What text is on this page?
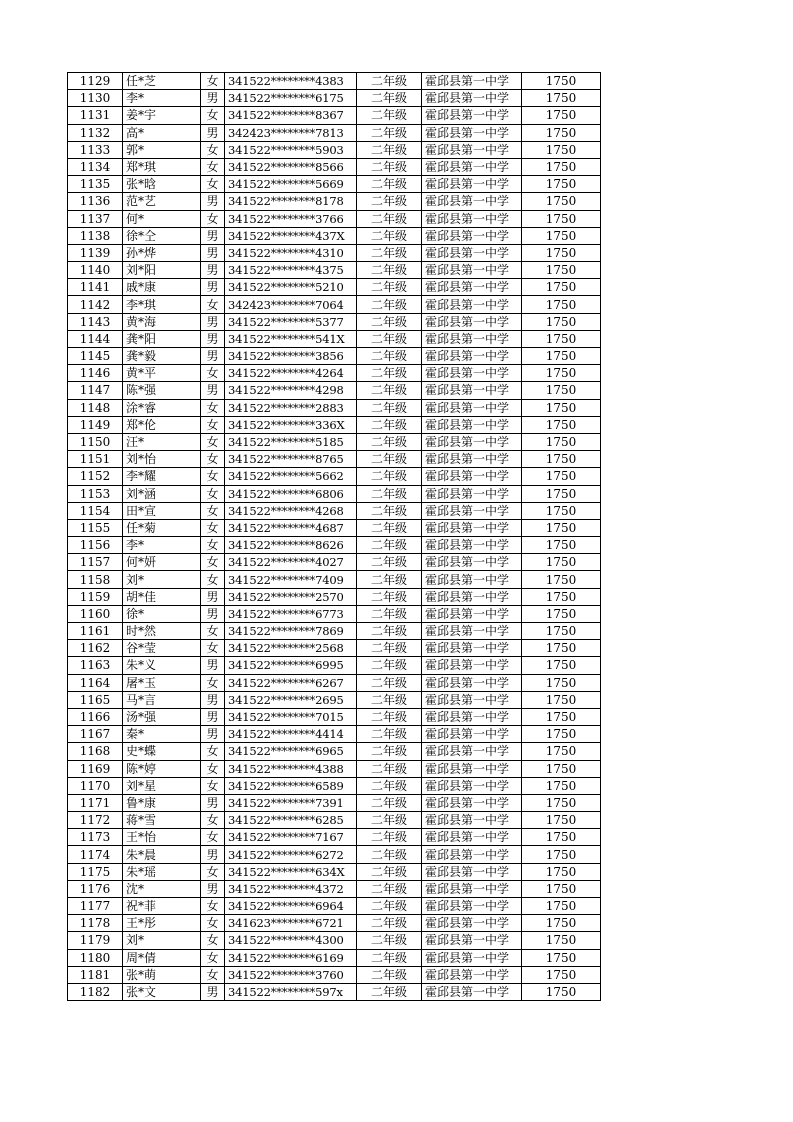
1129	任*芝	女	341522********4383	二年级	霍邱县第一中学	1750
1130	李*	男	341522********6175	二年级	霍邱县第一中学	1750
1131	姜*宇	女	341522********8367	二年级	霍邱县第一中学	1750
1132	高*	男	342423********7813	二年级	霍邱县第一中学	1750
1133	郭*	女	341522********5903	二年级	霍邱县第一中学	1750
1134	郑*琪	女	341522********8566	二年级	霍邱县第一中学	1750
1135	张*晗	女	341522********5669	二年级	霍邱县第一中学	1750
1136	范*艺	男	341522********8178	二年级	霍邱县第一中学	1750
1137	何*	女	341522********3766	二年级	霍邱县第一中学	1750
1138	徐*仝	男	341522********437X	二年级	霍邱县第一中学	1750
1139	孙*烨	男	341522********4310	二年级	霍邱县第一中学	1750
1140	刘*阳	男	341522********4375	二年级	霍邱县第一中学	1750
1141	戚*康	男	341522********5210	二年级	霍邱县第一中学	1750
1142	李*琪	女	342423********7064	二年级	霍邱县第一中学	1750
1143	黄*海	男	341522********5377	二年级	霍邱县第一中学	1750
1144	龚*阳	男	341522********541X	二年级	霍邱县第一中学	1750
1145	龚*毅	男	341522********3856	二年级	霍邱县第一中学	1750
1146	黄*平	女	341522********4264	二年级	霍邱县第一中学	1750
1147	陈*强	男	341522********4298	二年级	霍邱县第一中学	1750
1148	涂*睿	女	341522********2883	二年级	霍邱县第一中学	1750
1149	郑*伦	女	341522********336X	二年级	霍邱县第一中学	1750
1150	汪*	女	341522********5185	二年级	霍邱县第一中学	1750
1151	刘*怡	女	341522********8765	二年级	霍邱县第一中学	1750
1152	李*耀	女	341522********5662	二年级	霍邱县第一中学	1750
1153	刘*涵	女	341522********6806	二年级	霍邱县第一中学	1750
1154	田*宣	女	341522********4268	二年级	霍邱县第一中学	1750
1155	任*菊	女	341522********4687	二年级	霍邱县第一中学	1750
1156	李*	女	341522********8626	二年级	霍邱县第一中学	1750
1157	何*妍	女	341522********4027	二年级	霍邱县第一中学	1750
1158	刘*	女	341522********7409	二年级	霍邱县第一中学	1750
1159	胡*佳	男	341522********2570	二年级	霍邱县第一中学	1750
1160	徐*	男	341522********6773	二年级	霍邱县第一中学	1750
1161	时*然	女	341522********7869	二年级	霍邱县第一中学	1750
1162	谷*莹	女	341522********2568	二年级	霍邱县第一中学	1750
1163	朱*义	男	341522********6995	二年级	霍邱县第一中学	1750
1164	屠*玉	女	341522********6267	二年级	霍邱县第一中学	1750
1165	马*言	男	341522********2695	二年级	霍邱县第一中学	1750
1166	汤*强	男	341522********7015	二年级	霍邱县第一中学	1750
1167	秦*	男	341522********4414	二年级	霍邱县第一中学	1750
1168	史*蝶	女	341522********6965	二年级	霍邱县第一中学	1750
1169	陈*婷	女	341522********4388	二年级	霍邱县第一中学	1750
1170	刘*星	女	341522********6589	二年级	霍邱县第一中学	1750
1171	鲁*康	男	341522********7391	二年级	霍邱县第一中学	1750
1172	蒋*雪	女	341522********6285	二年级	霍邱县第一中学	1750
1173	王*怡	女	341522********7167	二年级	霍邱县第一中学	1750
1174	朱*晨	男	341522********6272	二年级	霍邱县第一中学	1750
1175	朱*瑶	女	341522********634X	二年级	霍邱县第一中学	1750
1176	沈*	男	341522********4372	二年级	霍邱县第一中学	1750
1177	祝*菲	女	341522********6964	二年级	霍邱县第一中学	1750
1178	王*彤	女	341623********6721	二年级	霍邱县第一中学	1750
1179	刘*	女	341522********4300	二年级	霍邱县第一中学	1750
1180	周*倩	女	341522********6169	二年级	霍邱县第一中学	1750
1181	张*萌	女	341522********3760	二年级	霍邱县第一中学	1750
1182	张*文	男	341522********597x	二年级	霍邱县第一中学	1750
